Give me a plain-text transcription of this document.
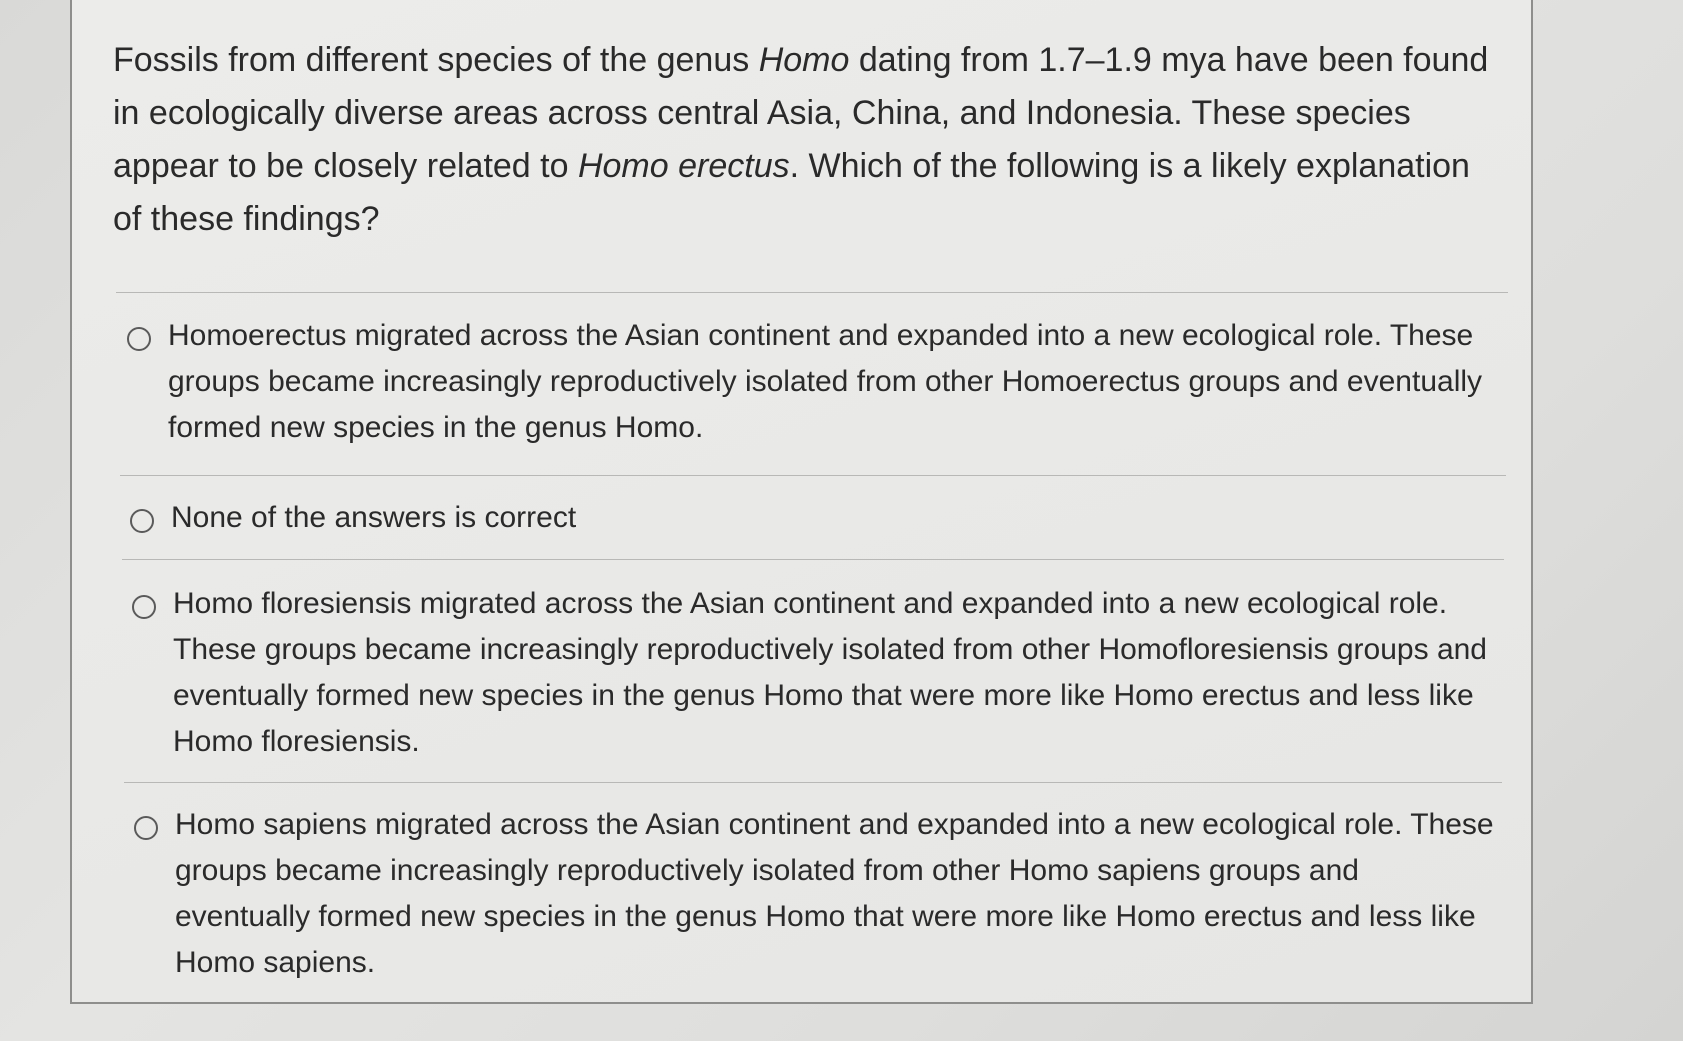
Fossils from different species of the genus Homo dating from 1.7–1.9 mya have been found in ecologically diverse areas across central Asia, China, and Indonesia. These species appear to be closely related to Homo erectus. Which of the following is a likely explanation of these findings?

Homoerectus migrated across the Asian continent and expanded into a new ecological role. These groups became increasingly reproductively isolated from other Homoerectus groups and eventually formed new species in the genus Homo.

None of the answers is correct

Homo floresiensis migrated across the Asian continent and expanded into a new ecological role. These groups became increasingly reproductively isolated from other Homofloresiensis groups and eventually formed new species in the genus Homo that were more like Homo erectus and less like Homo floresiensis.

Homo sapiens migrated across the Asian continent and expanded into a new ecological role. These groups became increasingly reproductively isolated from other Homo sapiens groups and eventually formed new species in the genus Homo that were more like Homo erectus and less like Homo sapiens.
